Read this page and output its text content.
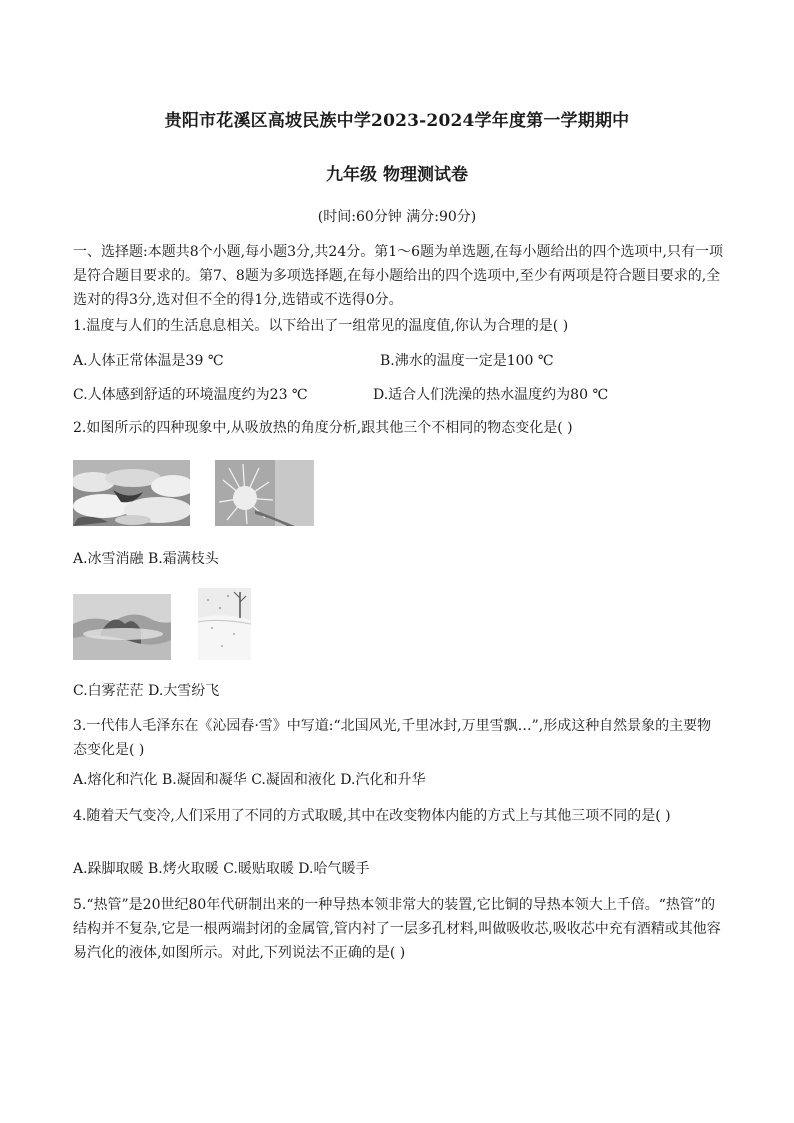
贵阳市花溪区高坡民族中学2023-2024学年度第一学期期中
九年级 物理测试卷
(时间:60分钟 满分:90分)

一、选择题:本题共8个小题,每小题3分,共24分。第1～6题为单选题,在每小题给出的四个选项中,只有一项是符合题目要求的。第7、8题为多项选择题,在每小题给出的四个选项中,至少有两项是符合题目要求的,全选对的得3分,选对但不全的得1分,选错或不选得0分。

1.温度与人们的生活息息相关。以下给出了一组常见的温度值,你认为合理的是( )
A.人体正常体温是39 ℃	B.沸水的温度一定是100 ℃
C.人体感到舒适的环境温度约为23 ℃	D.适合人们洗澡的热水温度约为80 ℃
2.如图所示的四种现象中,从吸放热的角度分析,跟其他三个不相同的物态变化是( )
A.冰雪消融 B.霜满枝头
C.白雾茫茫 D.大雪纷飞

3.一代伟人毛泽东在《沁园春·雪》中写道:“北国风光,千里冰封,万里雪飘…”,形成这种自然景象的主要物态变化是( )

A.熔化和汽化 B.凝固和凝华 C.凝固和液化 D.汽化和升华

4.随着天气变冷,人们采用了不同的方式取暖,其中在改变物体内能的方式上与其他三项不同的是( )

A.跺脚取暖 B.烤火取暖 C.暖贴取暖 D.哈气暖手

5.“热管”是20世纪80年代研制出来的一种导热本领非常大的装置,它比铜的导热本领大上千倍。“热管”的结构并不复杂,它是一根两端封闭的金属管,管内衬了一层多孔材料,叫做吸收芯,吸收芯中充有酒精或其他容易汽化的液体,如图所示。对此,下列说法不正确的是( )
